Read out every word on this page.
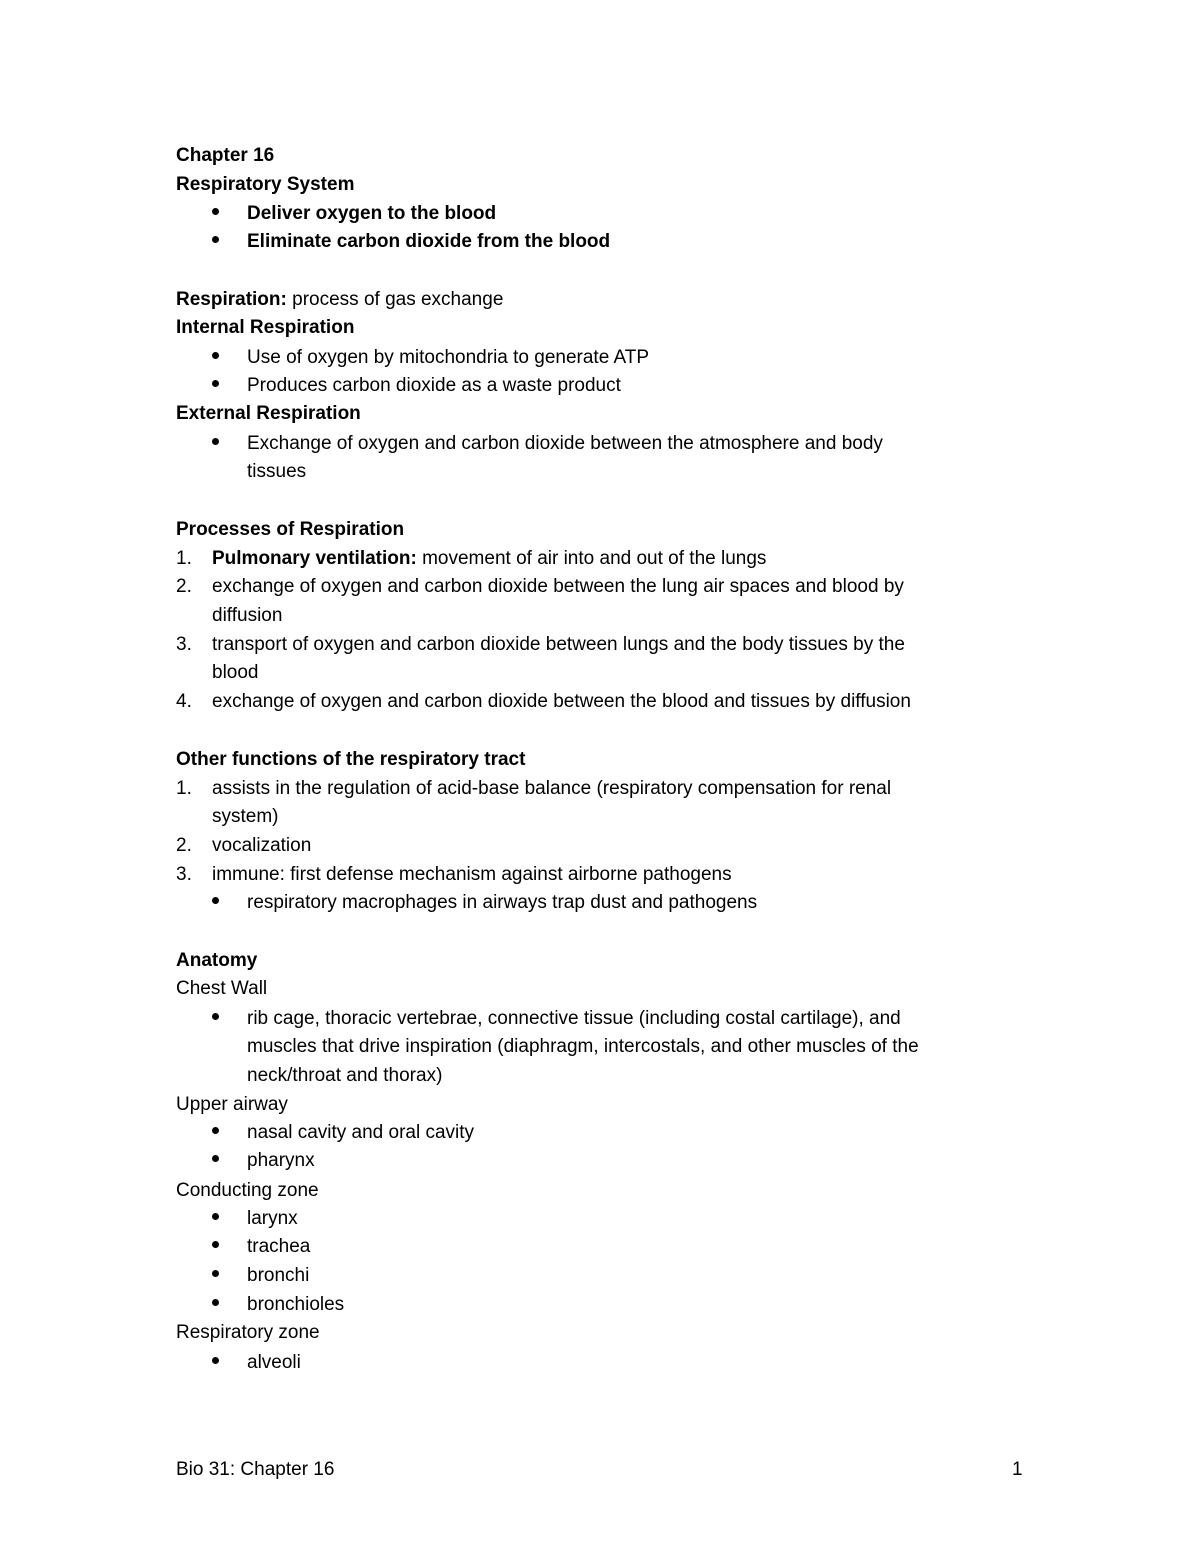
Chapter 16
Respiratory System
Deliver oxygen to the blood
Eliminate carbon dioxide from the blood
Respiration: process of gas exchange
Internal Respiration
Use of oxygen by mitochondria to generate ATP
Produces carbon dioxide as a waste product
External Respiration
Exchange of oxygen and carbon dioxide between the atmosphere and body
tissues
Processes of Respiration
1. Pulmonary ventilation: movement of air into and out of the lungs
2. exchange of oxygen and carbon dioxide between the lung air spaces and blood by
diffusion
3. transport of oxygen and carbon dioxide between lungs and the body tissues by the
blood
4. exchange of oxygen and carbon dioxide between the blood and tissues by diffusion
Other functions of the respiratory tract
1. assists in the regulation of acid-base balance (respiratory compensation for renal
system)
2. vocalization
3. immune: first defense mechanism against airborne pathogens
respiratory macrophages in airways trap dust and pathogens
Anatomy
Chest Wall
rib cage, thoracic vertebrae, connective tissue (including costal cartilage), and
muscles that drive inspiration (diaphragm, intercostals, and other muscles of the
neck/throat and thorax)
Upper airway
nasal cavity and oral cavity
pharynx
Conducting zone
larynx
trachea
bronchi
bronchioles
Respiratory zone
alveoli
Bio 31: Chapter 16	1
